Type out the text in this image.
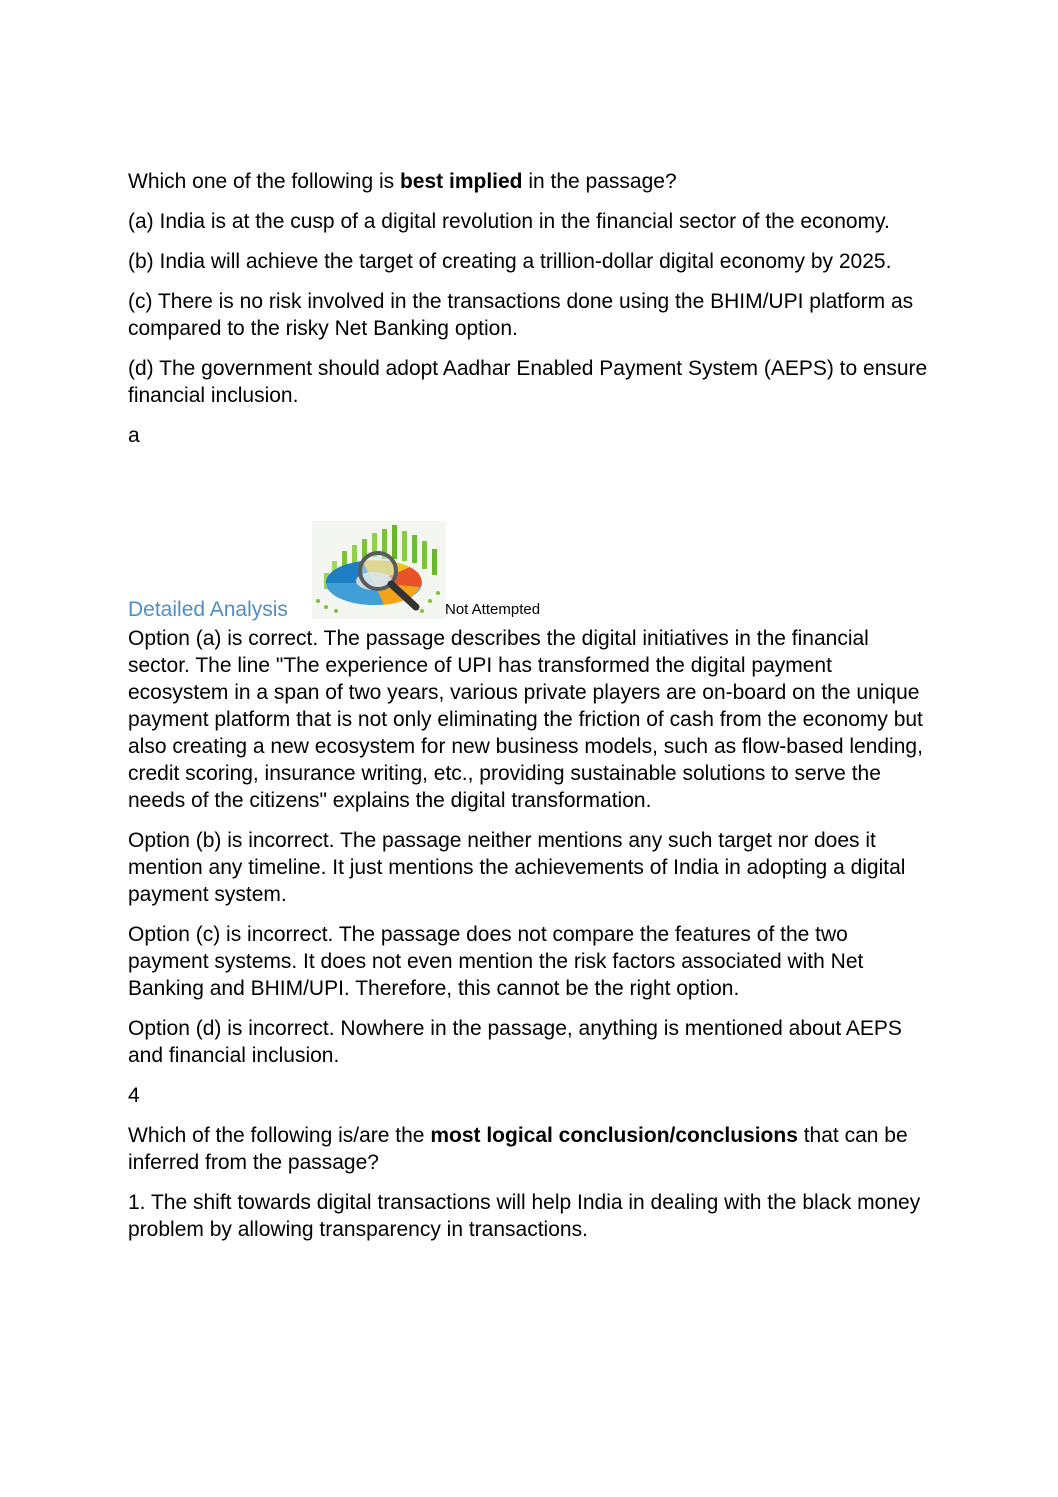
Which one of the following is best implied in the passage?

(a) India is at the cusp of a digital revolution in the financial sector of the economy.

(b) India will achieve the target of creating a trillion-dollar digital economy by 2025.

(c) There is no risk involved in the transactions done using the BHIM/UPI platform as compared to the risky Net Banking option.

(d) The government should adopt Aadhar Enabled Payment System (AEPS) to ensure financial inclusion.

a

Detailed Analysis	Not Attempted

Option (a) is correct. The passage describes the digital initiatives in the financial sector. The line "The experience of UPI has transformed the digital payment ecosystem in a span of two years, various private players are on-board on the unique payment platform that is not only eliminating the friction of cash from the economy but also creating a new ecosystem for new business models, such as flow-based lending, credit scoring, insurance writing, etc., providing sustainable solutions to serve the needs of the citizens" explains the digital transformation.

Option (b) is incorrect. The passage neither mentions any such target nor does it mention any timeline. It just mentions the achievements of India in adopting a digital payment system.

Option (c) is incorrect. The passage does not compare the features of the two payment systems. It does not even mention the risk factors associated with Net Banking and BHIM/UPI. Therefore, this cannot be the right option.

Option (d) is incorrect. Nowhere in the passage, anything is mentioned about AEPS and financial inclusion.

4

Which of the following is/are the most logical conclusion/conclusions that can be inferred from the passage?

1. The shift towards digital transactions will help India in dealing with the black money problem by allowing transparency in transactions.
